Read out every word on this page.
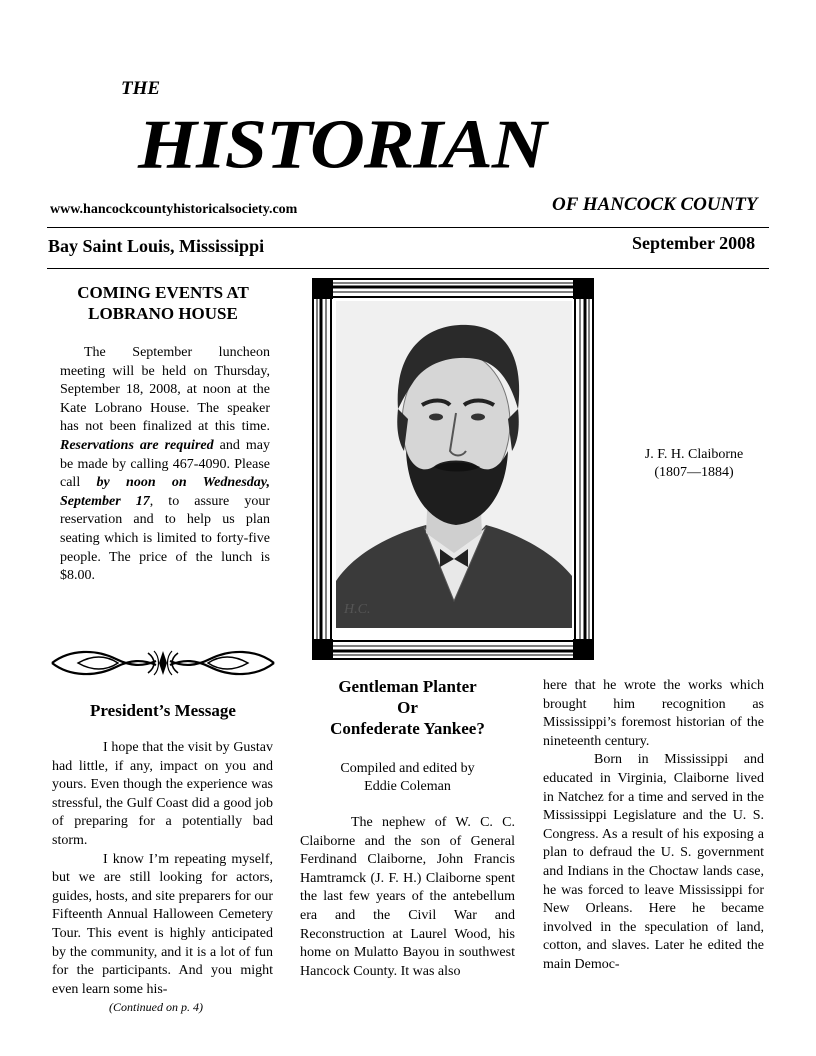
THE
HISTORIAN
www.hancockcountyhistoricalsociety.com	OF HANCOCK COUNTY
Bay Saint Louis, Mississippi	September 2008
COMING EVENTS AT
LOBRANO HOUSE

The September luncheon meeting will be held on Thursday, September 18, 2008, at noon at the Kate Lobrano House. The speaker has not been finalized at this time. Reservations are required and may be made by calling 467-4090. Please call by noon on Wednesday, September 17, to assure your reservation and to help us plan seating which is limited to forty-five people. The price of the lunch is $8.00.

President’s Message

I hope that the visit by Gustav had little, if any, impact on you and yours. Even though the experience was stressful, the Gulf Coast did a good job of preparing for a potentially bad storm.

I know I’m repeating myself, but we are still looking for actors, guides, hosts, and site preparers for our Fifteenth Annual Halloween Cemetery Tour. This event is highly anticipated by the community, and it is a lot of fun for the participants. And you might even learn some his-

(Continued on p. 4)
H.C.
J. F. H. Claiborne
(1807—1884)
Gentleman Planter
Or
Confederate Yankee?
Compiled and edited by
Eddie Coleman

The nephew of W. C. C. Claiborne and the son of General Ferdinand Claiborne, John Francis Hamtramck (J. F. H.) Claiborne spent the last few years of the antebellum era and the Civil War and Reconstruction at Laurel Wood, his home on Mulatto Bayou in southwest Hancock County. It was also

here that he wrote the works which brought him recognition as Mississippi’s foremost historian of the nineteenth century.

Born in Mississippi and educated in Virginia, Claiborne lived in Natchez for a time and served in the Mississippi Legislature and the U. S. Congress. As a result of his exposing a plan to defraud the U. S. government and Indians in the Choctaw lands case, he was forced to leave Mississippi for New Orleans. Here he became involved in the speculation of land, cotton, and slaves. Later he edited the main Democ-
